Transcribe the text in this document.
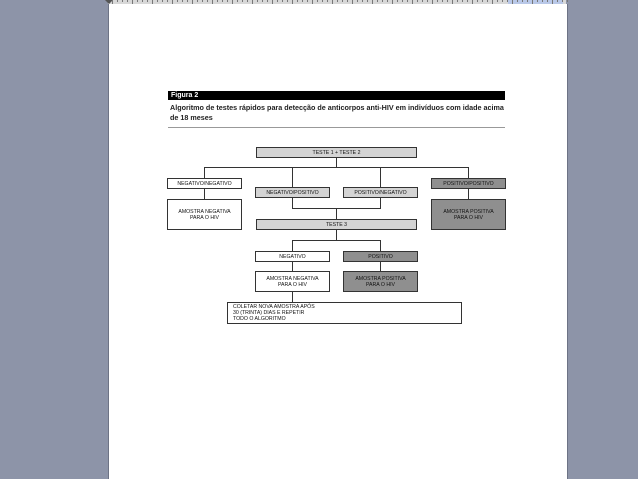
Figura 2
Algoritmo de testes rápidos para detecção de anticorpos anti-HIV em indivíduos com idade acima de 18 meses
TESTE 1 + TESTE 2
NEGATIVO/NEGATIVO
NEGATIVO/POSITIVO	POSITIVO/NEGATIVO
POSITIVO/POSITIVO
AMOSTRA NEGATIVA
PARA O HIV
AMOSTRA POSITIVA
PARA O HIV
TESTE 3
NEGATIVO	POSITIVO
AMOSTRA NEGATIVA
PARA O HIV
AMOSTRA POSITIVA
PARA O HIV
COLETAR NOVA AMOSTRA APÓS
30 (TRINTA) DIAS E REPETIR
TODO O ALGORITMO
